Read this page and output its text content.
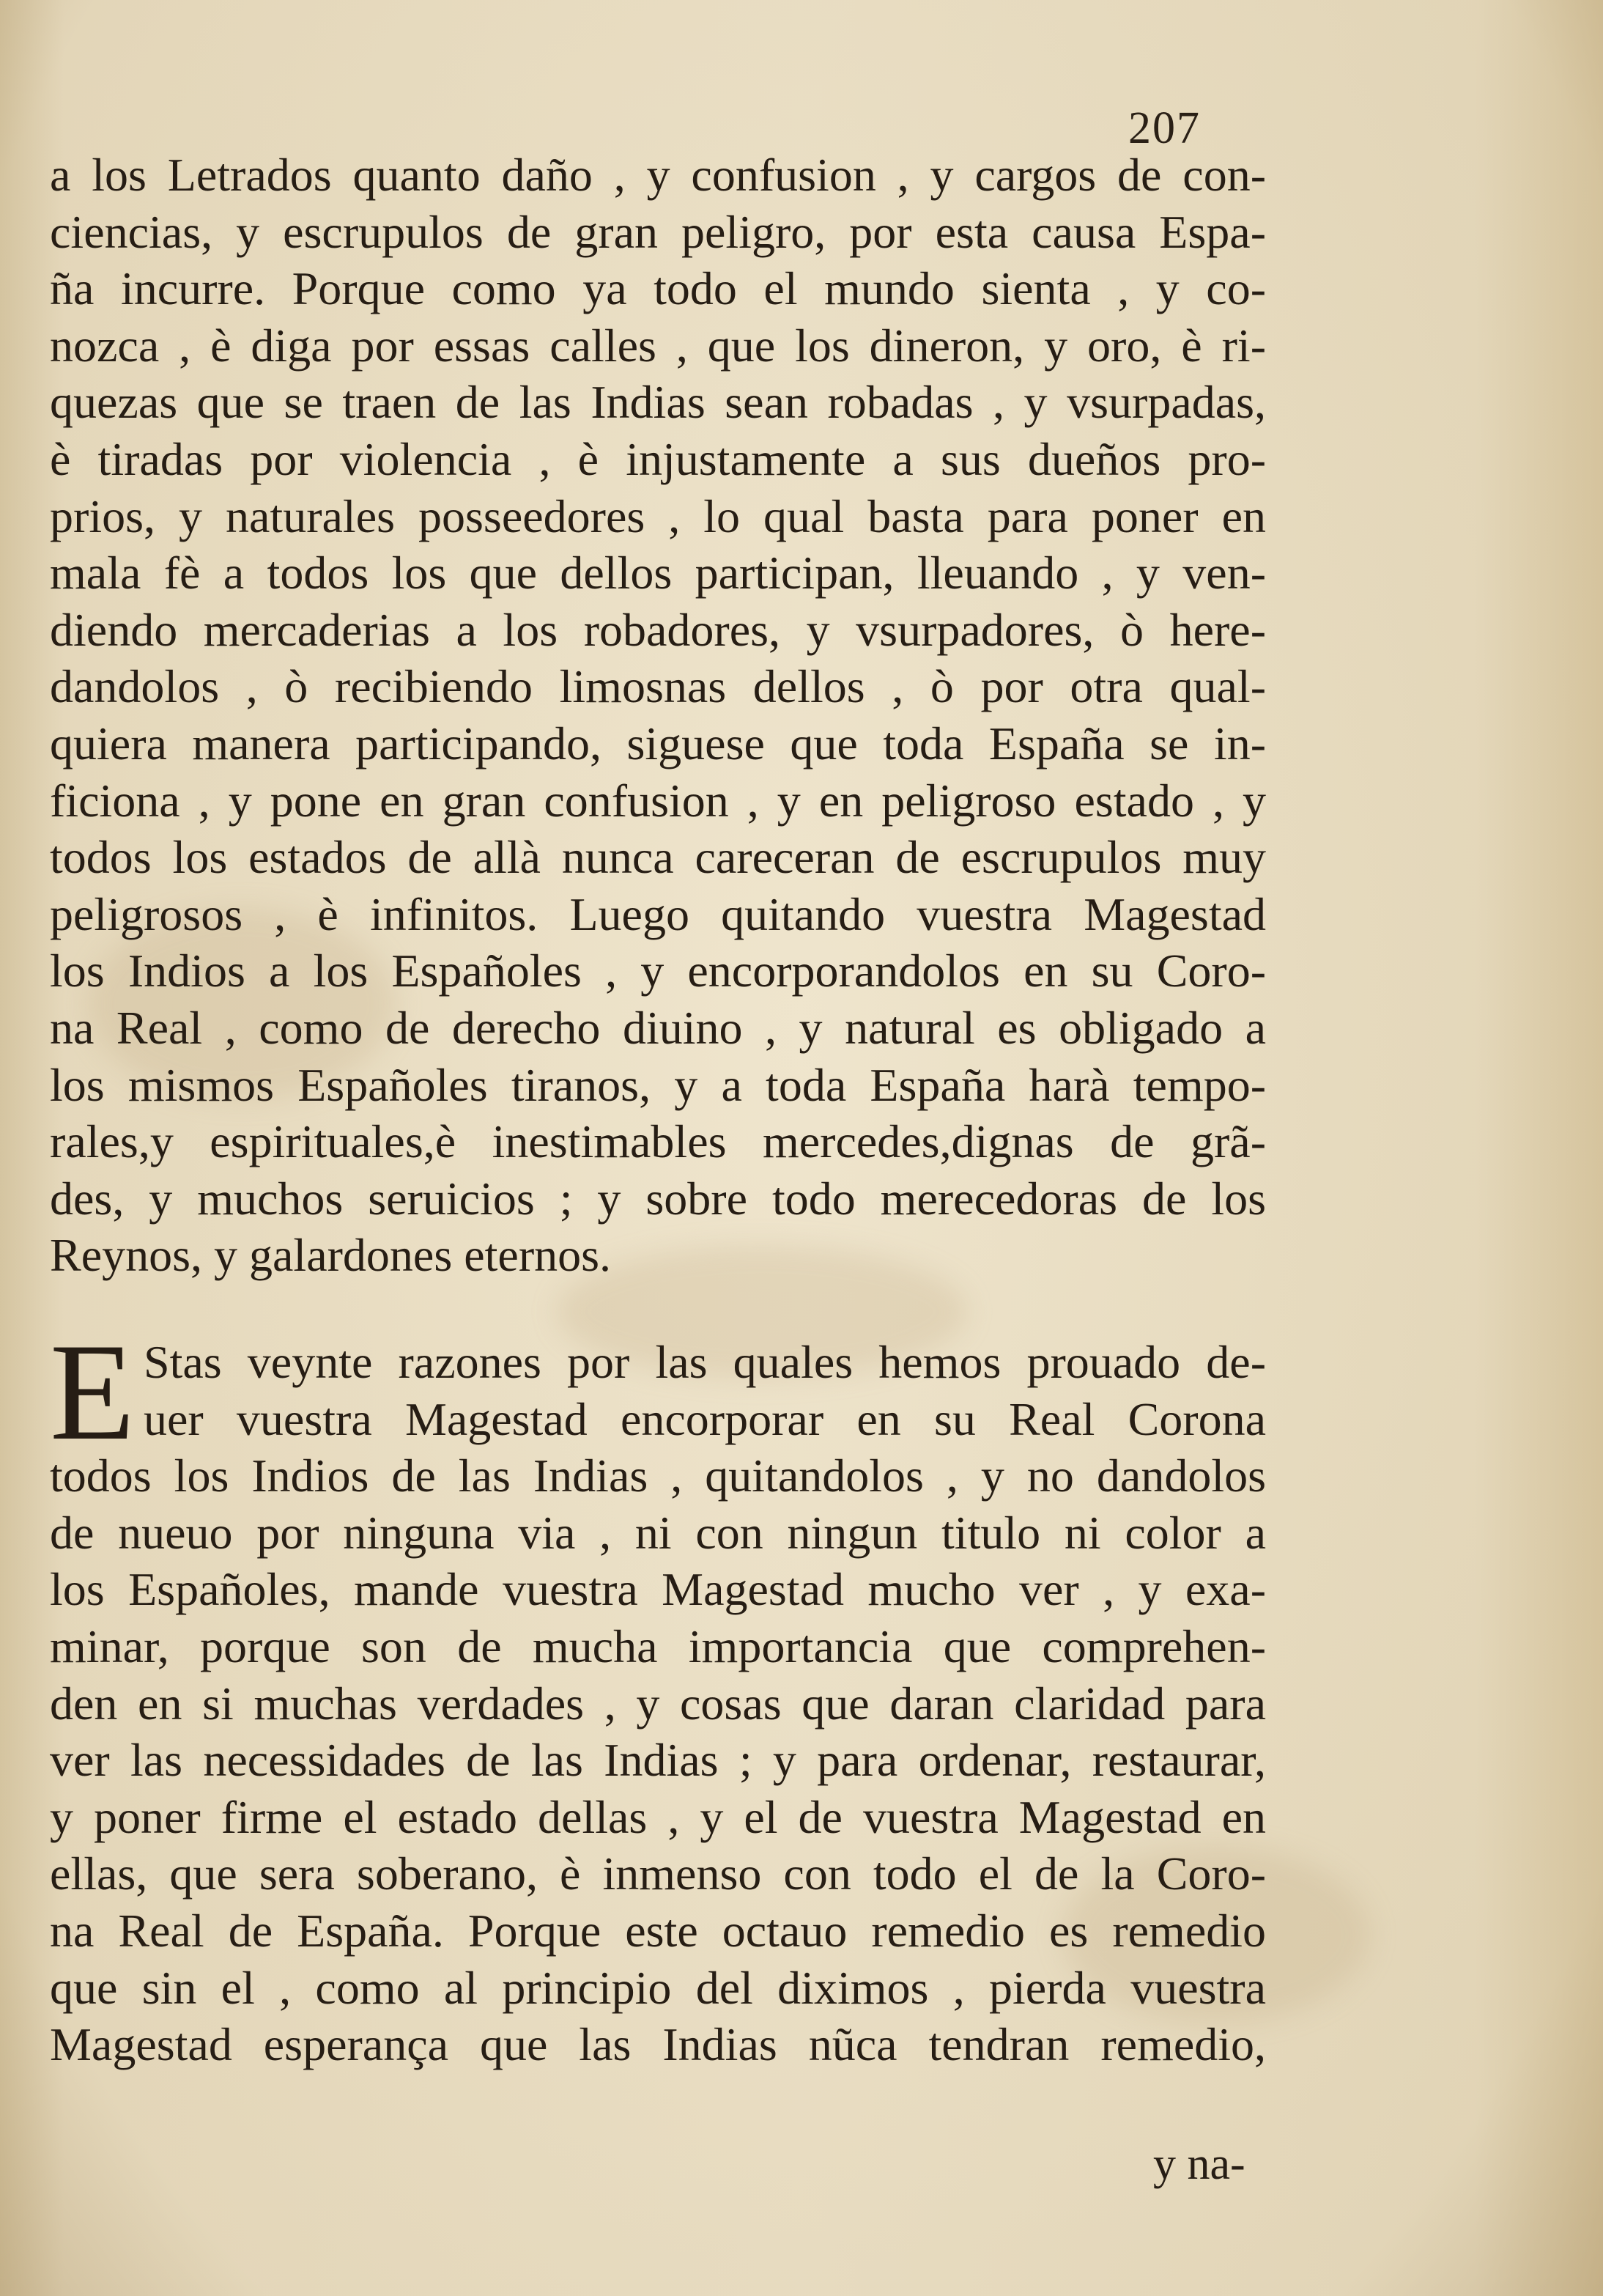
207
a los Letrados quanto daño , y confusion , y cargos de con-
ciencias, y escrupulos de gran peligro, por esta causa Espa-
ña incurre. Porque como ya todo el mundo sienta , y co-
nozca , è diga por essas calles , que los dineron, y oro, è ri-
quezas que se traen de las Indias sean robadas , y vsurpadas,
è tiradas por violencia , è injustamente a sus dueños pro-
prios, y naturales posseedores , lo qual basta para poner en
mala fè a todos los que dellos participan, lleuando , y ven-
diendo mercaderias a los robadores, y vsurpadores, ò here-
dandolos , ò recibiendo limosnas dellos , ò por otra qual-
quiera manera participando, siguese que toda España se in-
ficiona , y pone en gran confusion , y en peligroso estado , y
todos los estados de allà nunca careceran de escrupulos muy
peligrosos , è infinitos. Luego quitando vuestra Magestad
los Indios a los Españoles , y encorporandolos en su Coro-
na Real , como de derecho diuino , y natural es obligado a
los mismos Españoles tiranos, y a toda España harà tempo-
rales,y espirituales,è inestimables mercedes,dignas de grã-
des, y muchos seruicios ; y sobre todo merecedoras de los
Reynos, y galardones eternos.
E Stas veynte razones por las quales hemos prouado de-
uer vuestra Magestad encorporar en su Real Corona
todos los Indios de las Indias , quitandolos , y no dandolos
de nueuo por ninguna via , ni con ningun titulo ni color a
los Españoles, mande vuestra Magestad mucho ver , y exa-
minar, porque son de mucha importancia que comprehen-
den en si muchas verdades , y cosas que daran claridad para
ver las necessidades de las Indias ; y para ordenar, restaurar,
y poner firme el estado dellas , y el de vuestra Magestad en
ellas, que sera soberano, è inmenso con todo el de la Coro-
na Real de España. Porque este octauo remedio es remedio
que sin el , como al principio del diximos , pierda vuestra
Magestad esperança que las Indias nũca tendran remedio,
y na-
